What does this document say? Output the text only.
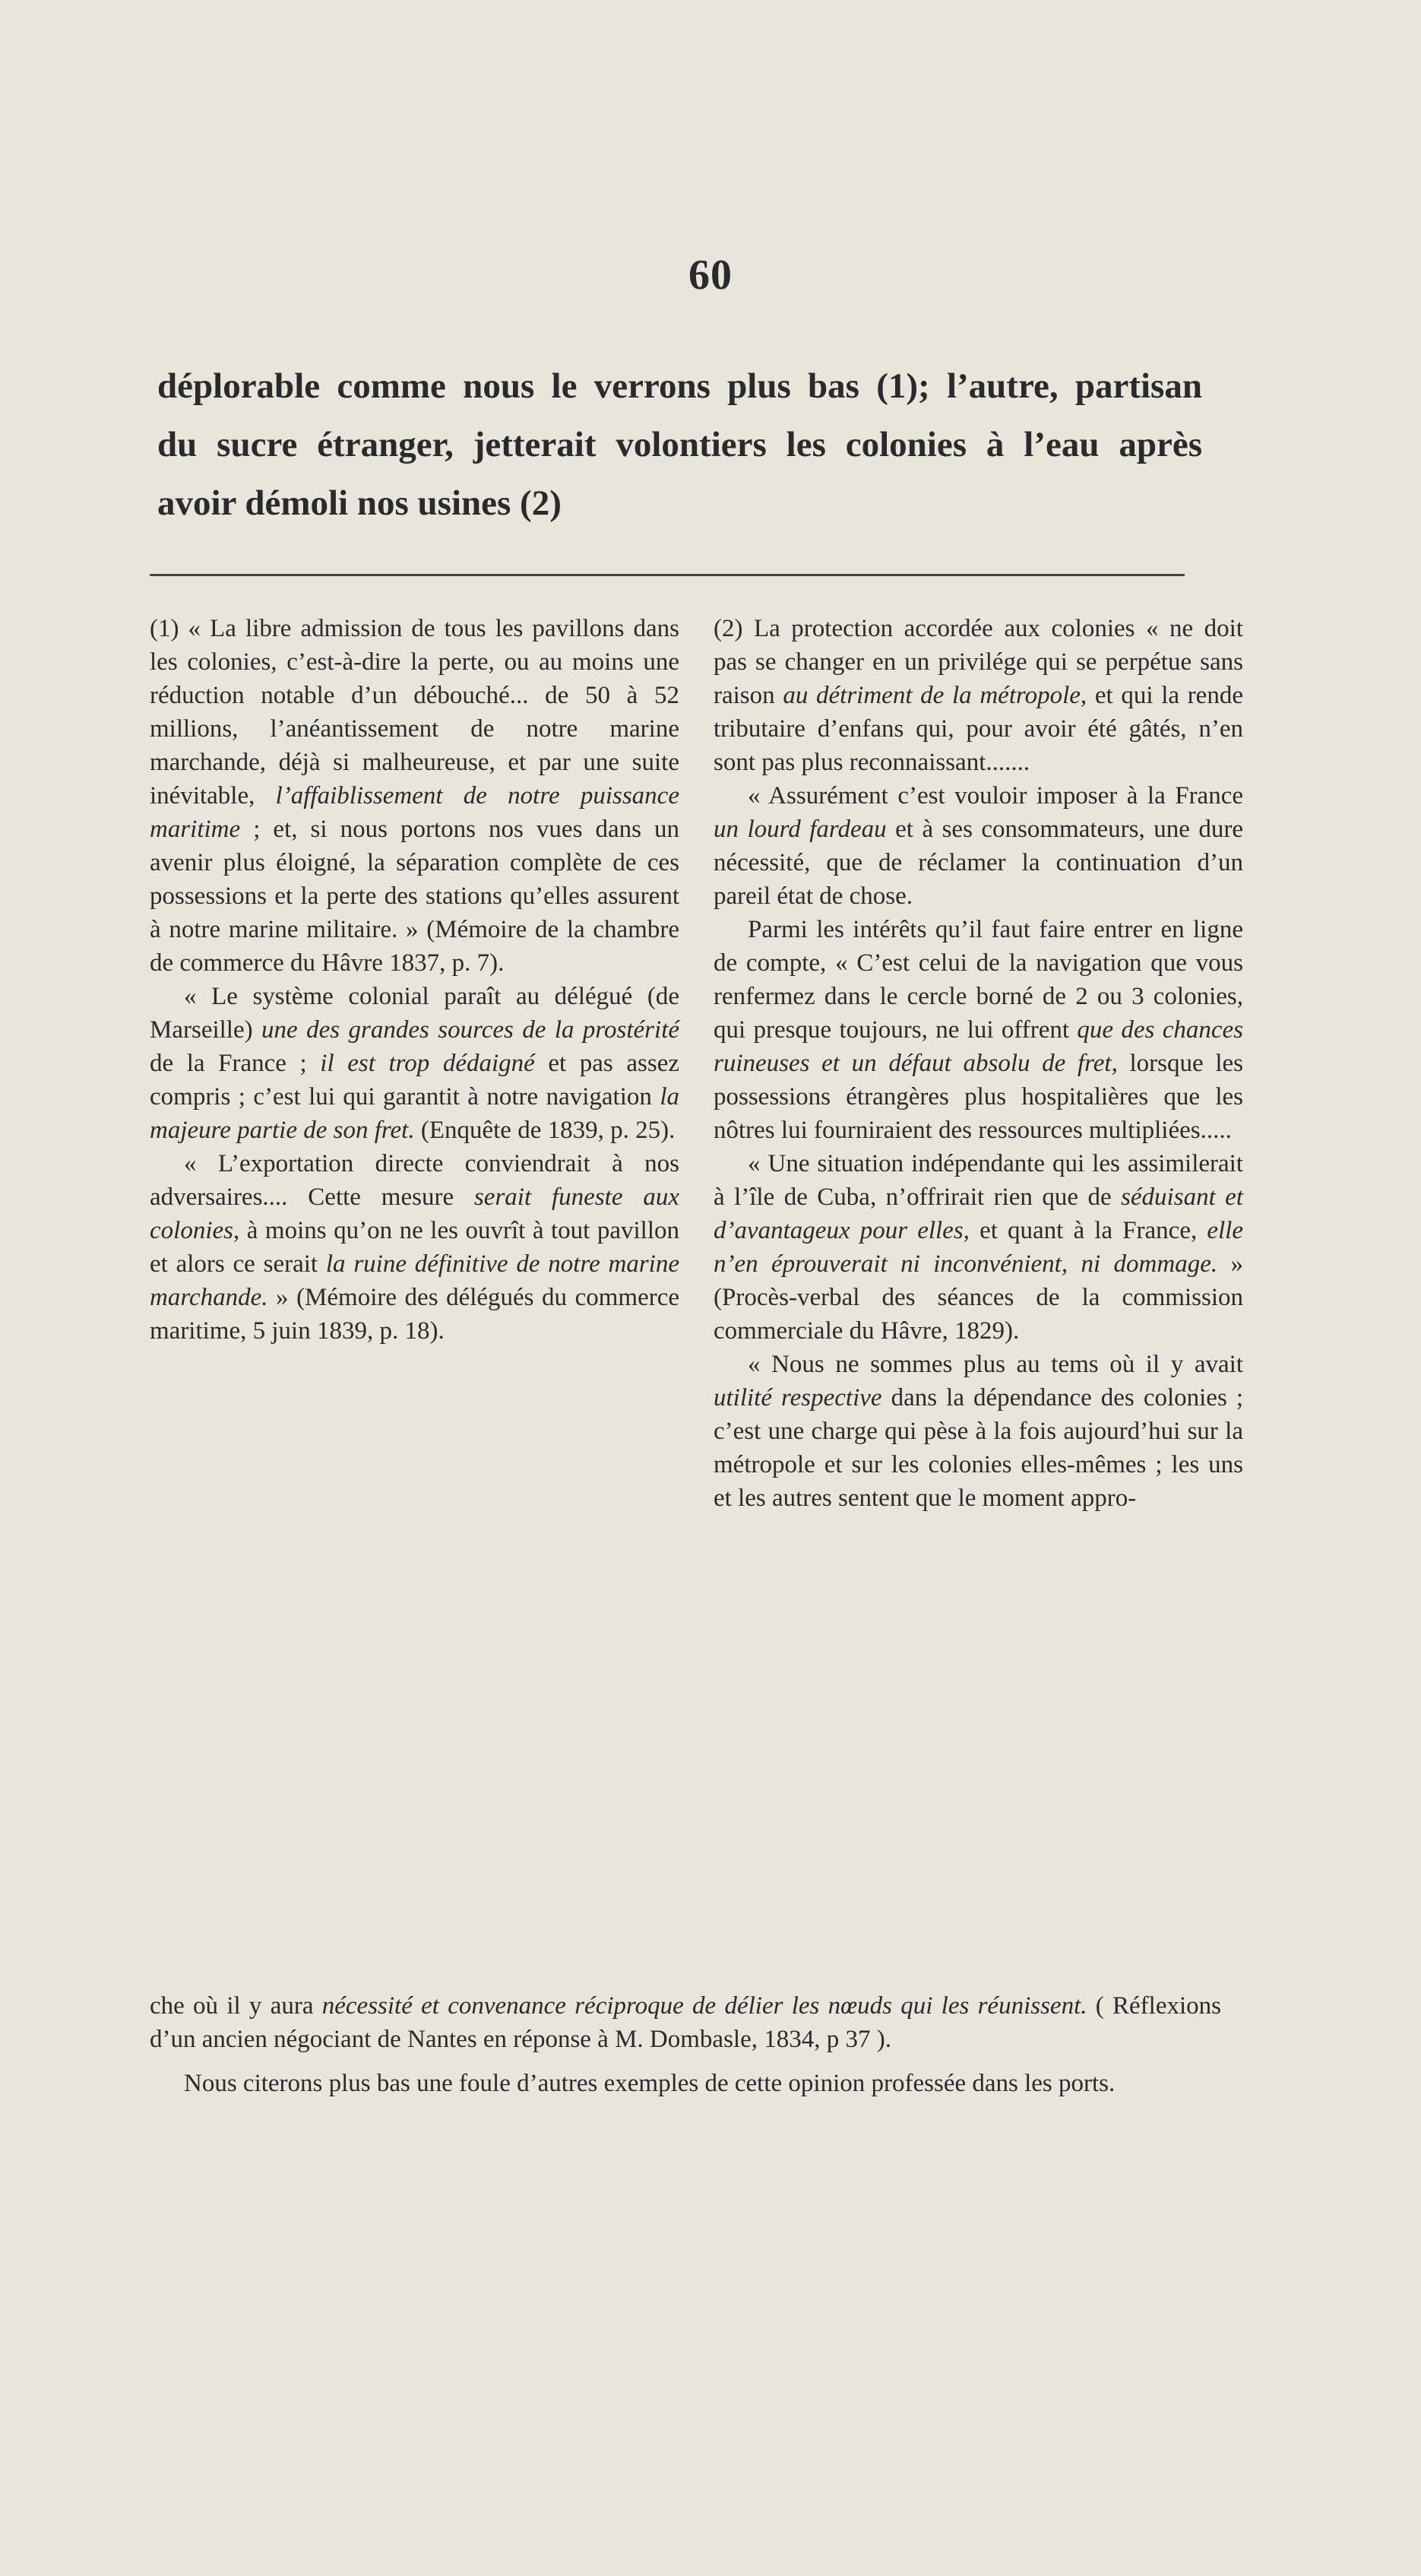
60
déplorable comme nous le verrons plus bas (1); l’autre, partisan
du sucre étranger, jetterait volontiers les colonies à l’eau après
avoir démoli nos usines (2)

(1) « La libre admission de tous les pavillons dans les colonies, c’est-à-dire la perte, ou au moins une réduction notable d’un débouché... de 50 à 52 millions, l’anéantissement de notre marine marchande, déjà si malheureuse, et par une suite inévitable, l’affaiblissement de notre puissance maritime ; et, si nous portons nos vues dans un avenir plus éloigné, la séparation complète de ces possessions et la perte des stations qu’elles assurent à notre marine militaire. » (Mémoire de la chambre de commerce du Hâvre 1837, p. 7).

« Le système colonial paraît au délégué (de Marseille) une des grandes sources de la prostérité de la France ; il est trop dédaigné et pas assez compris ; c’est lui qui garantit à notre navigation la majeure partie de son fret. (Enquête de 1839, p. 25).

« L’exportation directe conviendrait à nos adversaires.... Cette mesure serait funeste aux colonies, à moins qu’on ne les ouvrît à tout pavillon et alors ce serait la ruine définitive de notre marine marchande. » (Mémoire des délégués du commerce maritime, 5 juin 1839, p. 18).

(2) La protection accordée aux colonies « ne doit pas se changer en un privilége qui se perpétue sans raison au détriment de la métropole, et qui la rende tributaire d’enfans qui, pour avoir été gâtés, n’en sont pas plus reconnaissant.......

« Assurément c’est vouloir imposer à la France un lourd fardeau et à ses consommateurs, une dure nécessité, que de réclamer la continuation d’un pareil état de chose.

Parmi les intérêts qu’il faut faire entrer en ligne de compte, « C’est celui de la navigation que vous renfermez dans le cercle borné de 2 ou 3 colonies, qui presque toujours, ne lui offrent que des chances ruineuses et un défaut absolu de fret, lorsque les possessions étrangères plus hospitalières que les nôtres lui fourniraient des ressources multipliées.....

« Une situation indépendante qui les assimilerait à l’île de Cuba, n’offrirait rien que de séduisant et d’avantageux pour elles, et quant à la France, elle n’en éprouverait ni inconvénient, ni dommage. » (Procès-verbal des séances de la commission commerciale du Hâvre, 1829).

« Nous ne sommes plus au tems où il y avait utilité respective dans la dépendance des colonies ; c’est une charge qui pèse à la fois aujourd’hui sur la métropole et sur les colonies elles-mêmes ; les uns et les autres sentent que le moment appro-

che où il y aura nécessité et convenance réciproque de délier les nœuds qui les réunissent. ( Réflexions d’un ancien négociant de Nantes en réponse à M. Dombasle, 1834, p 37 ).

Nous citerons plus bas une foule d’autres exemples de cette opinion professée dans les ports.
